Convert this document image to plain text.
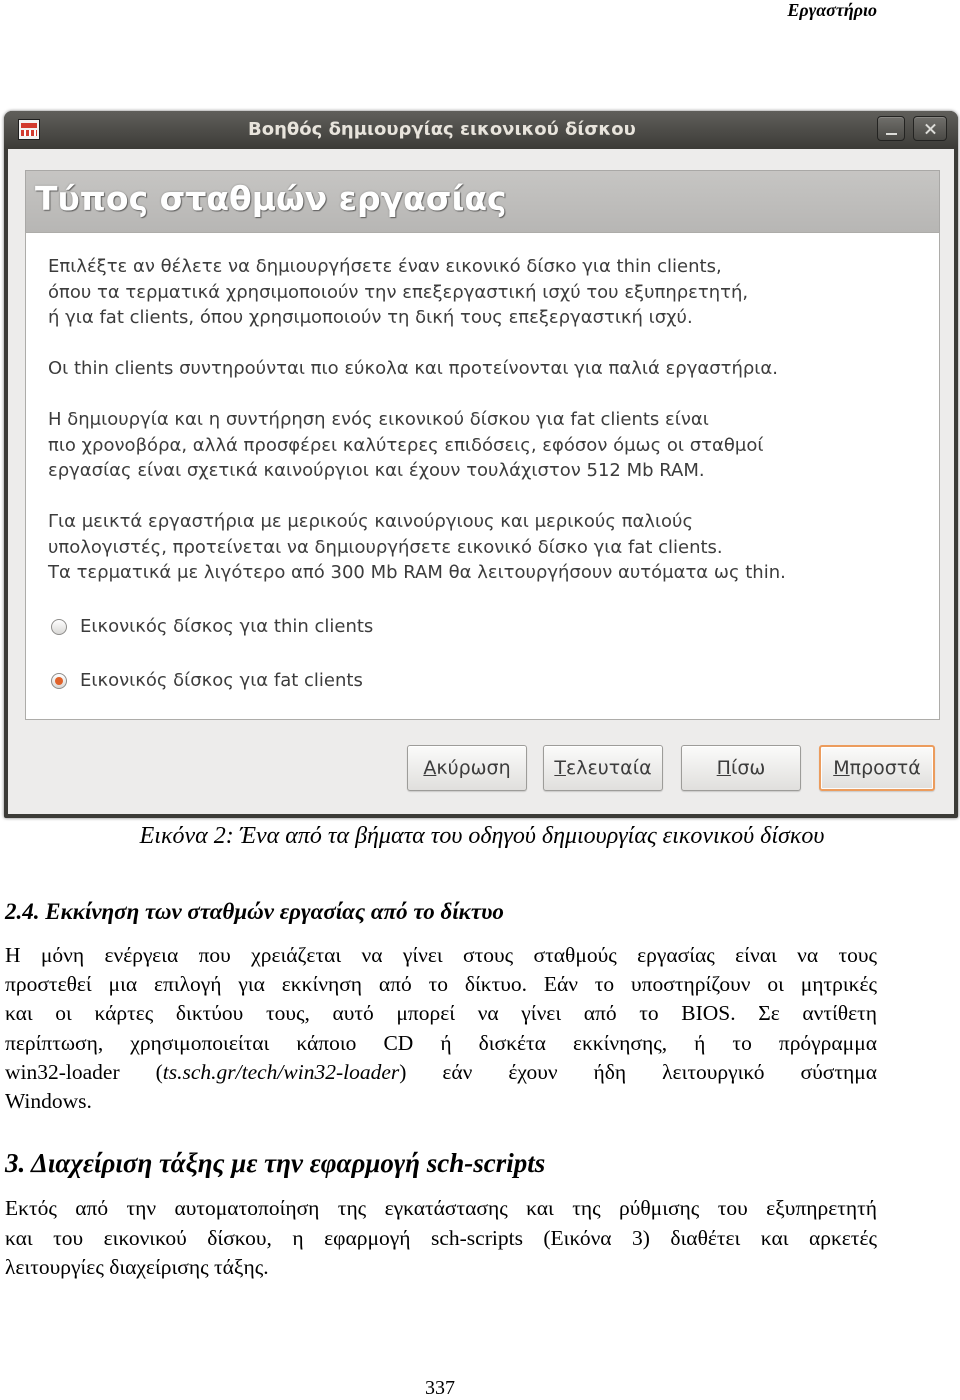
Εργαστήριο
Βοηθός δημιουργίας εικονικού δίσκου
Τύπος σταθμών εργασίας
Επιλέξτε αν θέλετε να δημιουργήσετε έναν εικονικό δίσκο για thin clients,
όπου τα τερματικά χρησιμοποιούν την επεξεργαστική ισχύ του εξυπηρετητή,
ή για fat clients, όπου χρησιμοποιούν τη δική τους επεξεργαστική ισχύ.
Οι thin clients συντηρούνται πιο εύκολα και προτείνονται για παλιά εργαστήρια.
Η δημιουργία και η συντήρηση ενός εικονικού δίσκου για fat clients είναι
πιο χρονοβόρα, αλλά προσφέρει καλύτερες επιδόσεις, εφόσον όμως οι σταθμοί
εργασίας είναι σχετικά καινούργιοι και έχουν τουλάχιστον 512 Mb RAM.
Για μεικτά εργαστήρια με μερικούς καινούργιους και μερικούς παλιούς
υπολογιστές, προτείνεται να δημιουργήσετε εικονικό δίσκο για fat clients.
Τα τερματικά με λιγότερο από 300 Mb RAM θα λειτουργήσουν αυτόματα ως thin.
Εικονικός δίσκος για thin clients
Εικονικός δίσκος για fat clients
Ακύρωση	Τελευταία	Πίσω	Μπροστά
Εικόνα 2: Ένα από τα βήματα του οδηγού δημιουργίας εικονικού δίσκου
2.4. Εκκίνηση των σταθμών εργασίας από το δίκτυο
Η μόνη ενέργεια που χρειάζεται να γίνει στους σταθμούς εργασίας είναι να τους
προστεθεί μια επιλογή για εκκίνηση από το δίκτυο. Εάν το υποστηρίζουν οι μητρικές
και οι κάρτες δικτύου τους, αυτό μπορεί να γίνει από το BIOS. Σε αντίθετη
περίπτωση, χρησιμοποιείται κάποιο CD ή δισκέτα εκκίνησης, ή το πρόγραμμα
win32-loader (ts.sch.gr/tech/win32-loader) εάν έχουν ήδη λειτουργικό σύστημα
Windows.
3. Διαχείριση τάξης με την εφαρμογή sch-scripts
Εκτός από την αυτοματοποίηση της εγκατάστασης και της ρύθμισης του εξυπηρετητή
και του εικονικού δίσκου, η εφαρμογή sch-scripts (Εικόνα 3) διαθέτει και αρκετές
λειτουργίες διαχείρισης τάξης.
337
